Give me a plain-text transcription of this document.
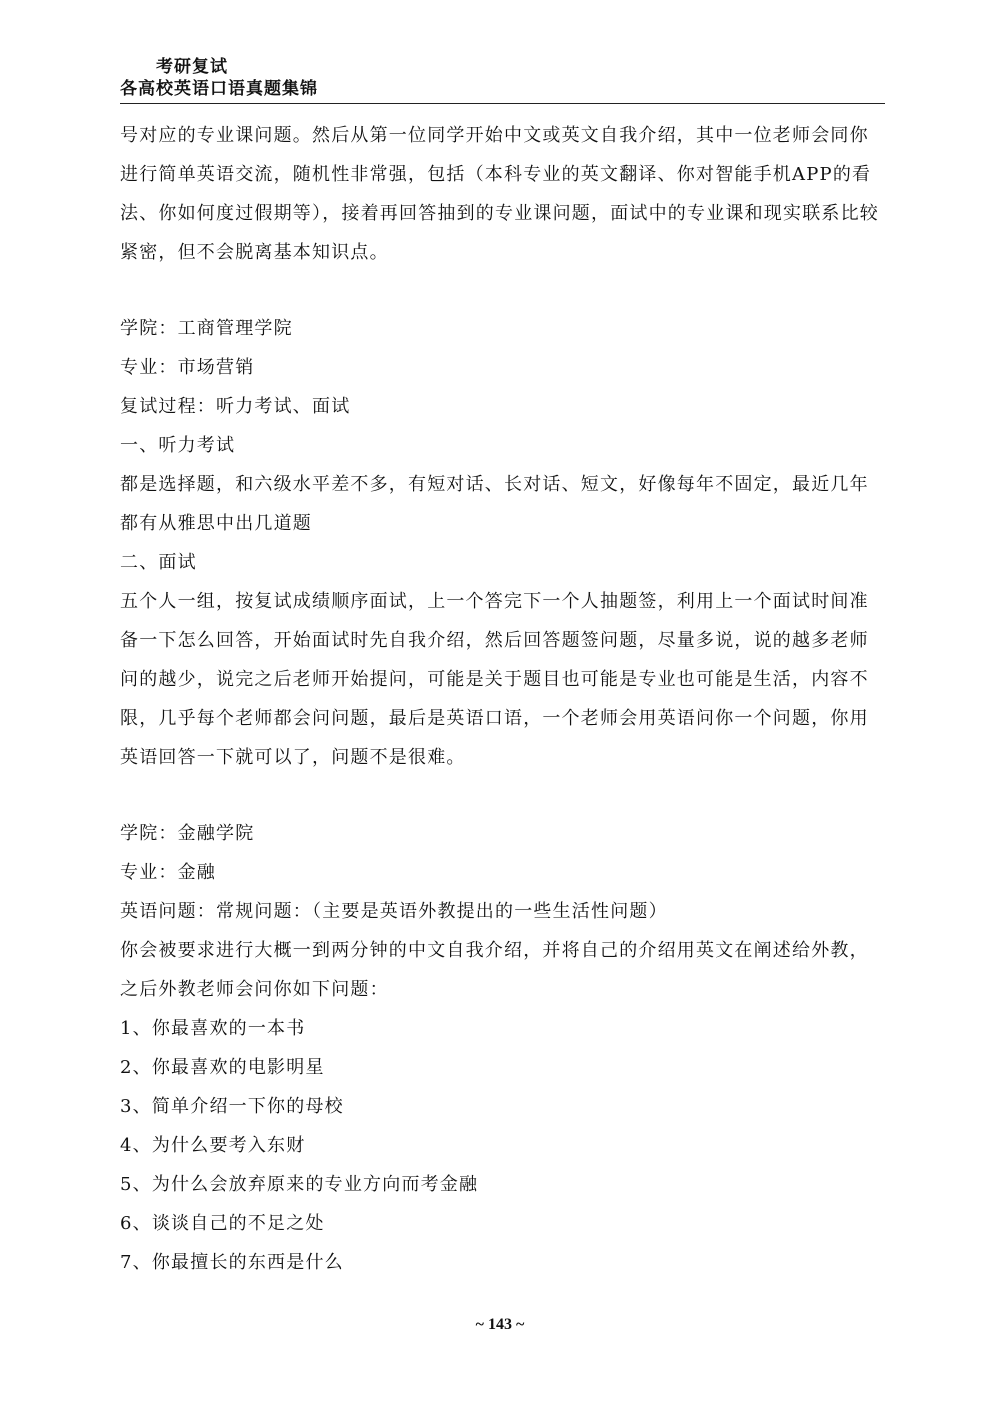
考研复试
各高校英语口语真题集锦

号对应的专业课问题。然后从第一位同学开始中文或英文自我介绍，其中一位老师会同你进行简单英语交流，随机性非常强，包括（本科专业的英文翻译、你对智能手机APP的看法、你如何度过假期等），接着再回答抽到的专业课问题，面试中的专业课和现实联系比较紧密，但不会脱离基本知识点。

学院：工商管理学院

专业：市场营销

复试过程：听力考试、面试

一、听力考试

都是选择题，和六级水平差不多，有短对话、长对话、短文，好像每年不固定，最近几年都有从雅思中出几道题

二、面试

五个人一组，按复试成绩顺序面试，上一个答完下一个人抽题签，利用上一个面试时间准备一下怎么回答，开始面试时先自我介绍，然后回答题签问题，尽量多说，说的越多老师问的越少，说完之后老师开始提问，可能是关于题目也可能是专业也可能是生活，内容不限，几乎每个老师都会问问题，最后是英语口语，一个老师会用英语问你一个问题，你用英语回答一下就可以了，问题不是很难。

学院：金融学院

专业：金融

英语问题：常规问题：（主要是英语外教提出的一些生活性问题）

你会被要求进行大概一到两分钟的中文自我介绍，并将自己的介绍用英文在阐述给外教，之后外教老师会问你如下问题：

1、你最喜欢的一本书

2、你最喜欢的电影明星

3、简单介绍一下你的母校

4、为什么要考入东财

5、为什么会放弃原来的专业方向而考金融

6、谈谈自己的不足之处

7、你最擅长的东西是什么

~ 143 ~
